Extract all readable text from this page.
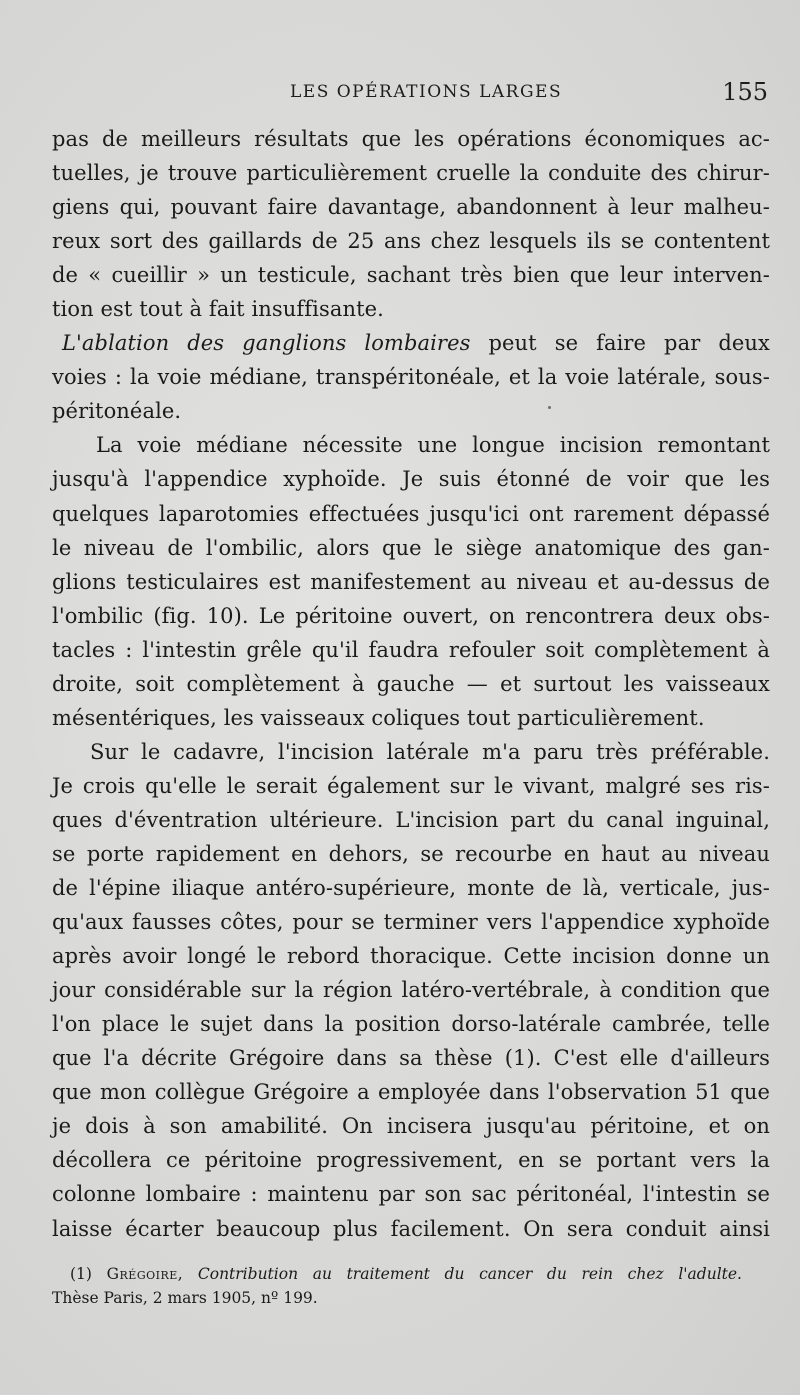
LES OPÉRATIONS LARGES	155
pas de meilleurs résultats que les opérations économiques ac-
tuelles, je trouve particulièrement cruelle la conduite des chirur-
giens qui, pouvant faire davantage, abandonnent à leur malheu-
reux sort des gaillards de 25 ans chez lesquels ils se contentent
de « cueillir » un testicule, sachant très bien que leur interven-
tion est tout à fait insuffisante.
L'ablation des ganglions lombaires peut se faire par deux
voies : la voie médiane, transpéritonéale, et la voie latérale, sous-
péritonéale.
La voie médiane nécessite une longue incision remontant
jusqu'à l'appendice xyphoïde. Je suis étonné de voir que les
quelques laparotomies effectuées jusqu'ici ont rarement dépassé
le niveau de l'ombilic, alors que le siège anatomique des gan-
glions testiculaires est manifestement au niveau et au-dessus de
l'ombilic (fig. 10). Le péritoine ouvert, on rencontrera deux obs-
tacles : l'intestin grêle qu'il faudra refouler soit complètement à
droite, soit complètement à gauche — et surtout les vaisseaux
mésentériques, les vaisseaux coliques tout particulièrement.
Sur le cadavre, l'incision latérale m'a paru très préférable.
Je crois qu'elle le serait également sur le vivant, malgré ses ris-
ques d'éventration ultérieure. L'incision part du canal inguinal,
se porte rapidement en dehors, se recourbe en haut au niveau
de l'épine iliaque antéro-supérieure, monte de là, verticale, jus-
qu'aux fausses côtes, pour se terminer vers l'appendice xyphoïde
après avoir longé le rebord thoracique. Cette incision donne un
jour considérable sur la région latéro-vertébrale, à condition que
l'on place le sujet dans la position dorso-latérale cambrée, telle
que l'a décrite Grégoire dans sa thèse (1). C'est elle d'ailleurs
que mon collègue Grégoire a employée dans l'observation 51 que
je dois à son amabilité. On incisera jusqu'au péritoine, et on
décollera ce péritoine progressivement, en se portant vers la
colonne lombaire : maintenu par son sac péritonéal, l'intestin se
laisse écarter beaucoup plus facilement. On sera conduit ainsi
(1) Grégoire, Contribution au traitement du cancer du rein chez l'adulte.
Thèse Paris, 2 mars 1905, nº 199.
